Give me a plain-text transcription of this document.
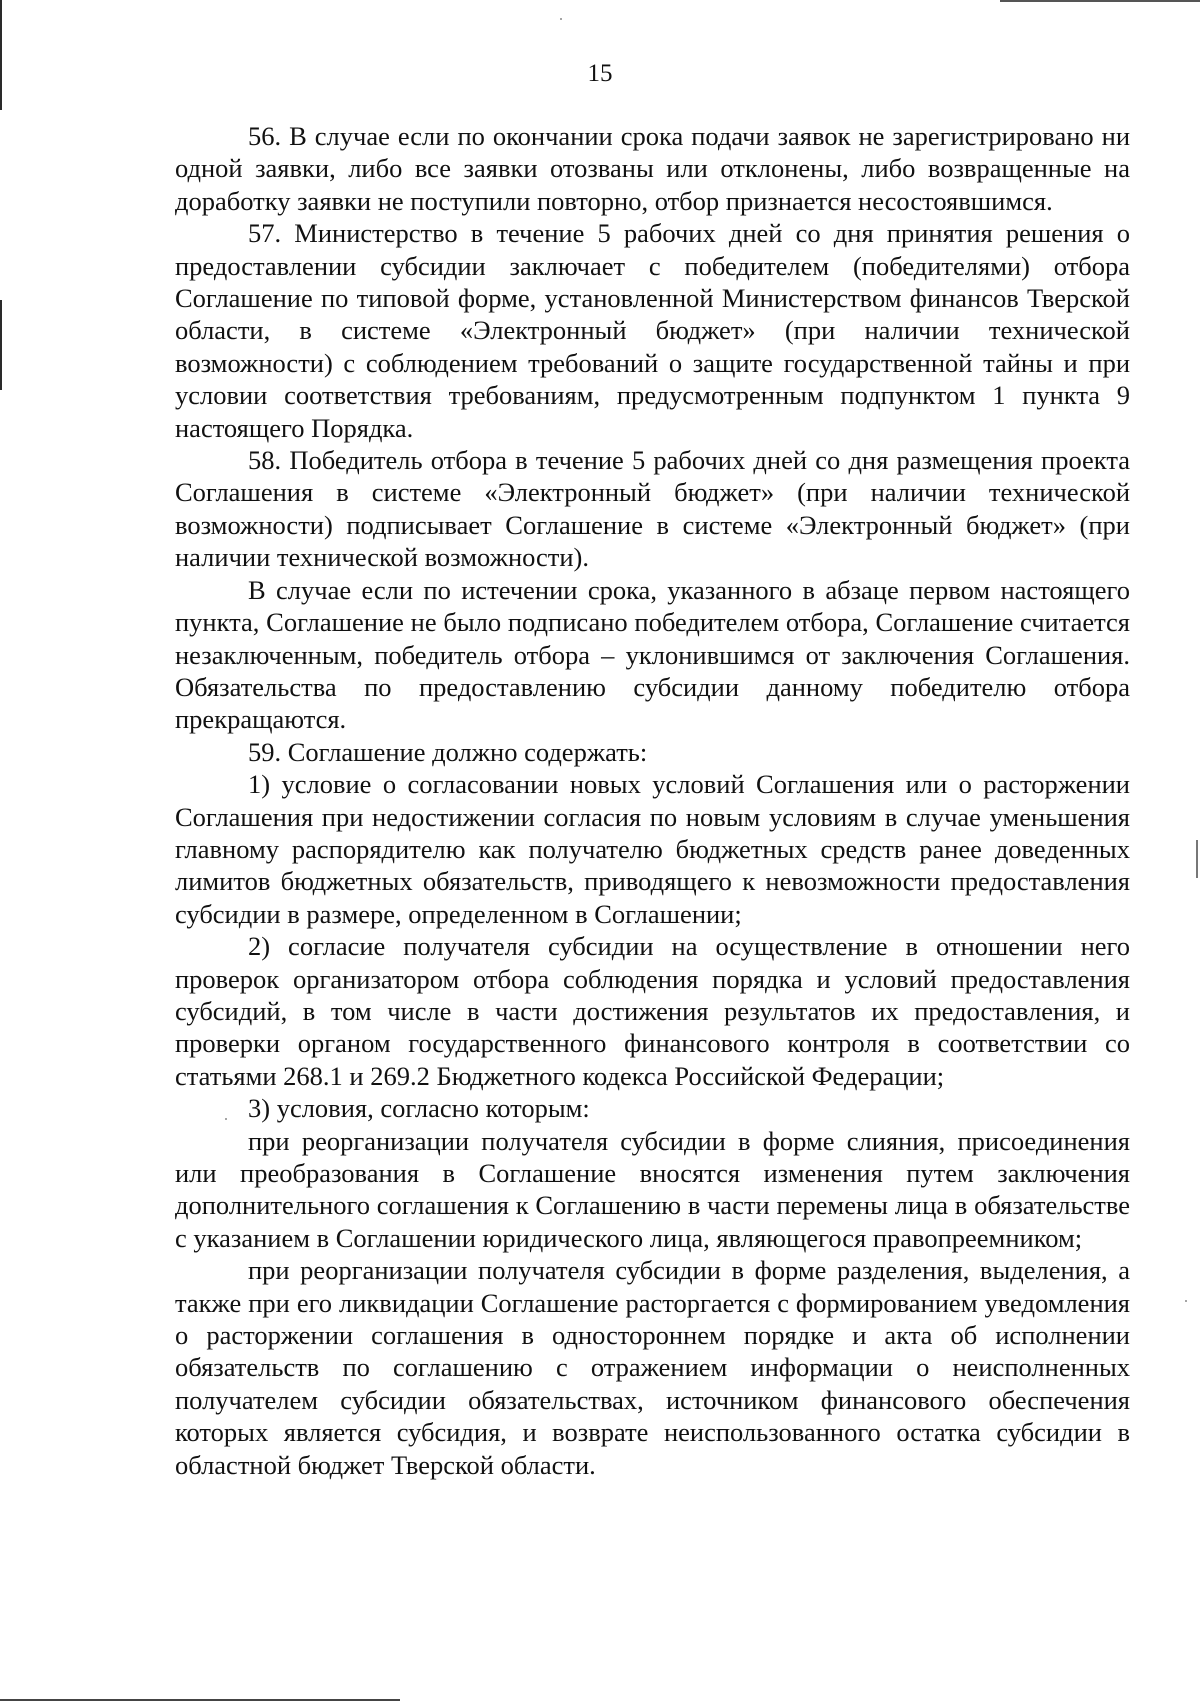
15

56. В случае если по окончании срока подачи заявок не зарегистрировано ни одной заявки, либо все заявки отозваны или отклонены, либо возвращенные на доработку заявки не поступили повторно, отбор признается несостоявшимся.

57. Министерство в течение 5 рабочих дней со дня принятия решения о предоставлении субсидии заключает с победителем (победителями) отбора Соглашение по типовой форме, установленной Министерством финансов Тверской области, в системе «Электронный бюджет» (при наличии технической возможности) с соблюдением требований о защите государственной тайны и при условии соответствия требованиям, предусмотренным подпунктом 1 пункта 9 настоящего Порядка.

58. Победитель отбора в течение 5 рабочих дней со дня размещения проекта Соглашения в системе «Электронный бюджет» (при наличии технической возможности) подписывает Соглашение в системе «Электронный бюджет» (при наличии технической возможности).

В случае если по истечении срока, указанного в абзаце первом настоящего пункта, Соглашение не было подписано победителем отбора, Соглашение считается незаключенным, победитель отбора – уклонившимся от заключения Соглашения. Обязательства по предоставлению субсидии данному победителю отбора прекращаются.

59. Соглашение должно содержать:

1) условие о согласовании новых условий Соглашения или о расторжении Соглашения при недостижении согласия по новым условиям в случае уменьшения главному распорядителю как получателю бюджетных средств ранее доведенных лимитов бюджетных обязательств, приводящего к невозможности предоставления субсидии в размере, определенном в Соглашении;

2) согласие получателя субсидии на осуществление в отношении него проверок организатором отбора соблюдения порядка и условий предоставления субсидий, в том числе в части достижения результатов их предоставления, и проверки органом государственного финансового контроля в соответствии со статьями 268.1 и 269.2 Бюджетного кодекса Российской Федерации;

3) условия, согласно которым:

при реорганизации получателя субсидии в форме слияния, присоединения или преобразования в Соглашение вносятся изменения путем заключения дополнительного соглашения к Соглашению в части перемены лица в обязательстве с указанием в Соглашении юридического лица, являющегося правопреемником;

при реорганизации получателя субсидии в форме разделения, выделения, а также при его ликвидации Соглашение расторгается с формированием уведомления о расторжении соглашения в одностороннем порядке и акта об исполнении обязательств по соглашению с отражением информации о неисполненных получателем субсидии обязательствах, источником финансового обеспечения которых является субсидия, и возврате неиспользованного остатка субсидии в областной бюджет Тверской области.
